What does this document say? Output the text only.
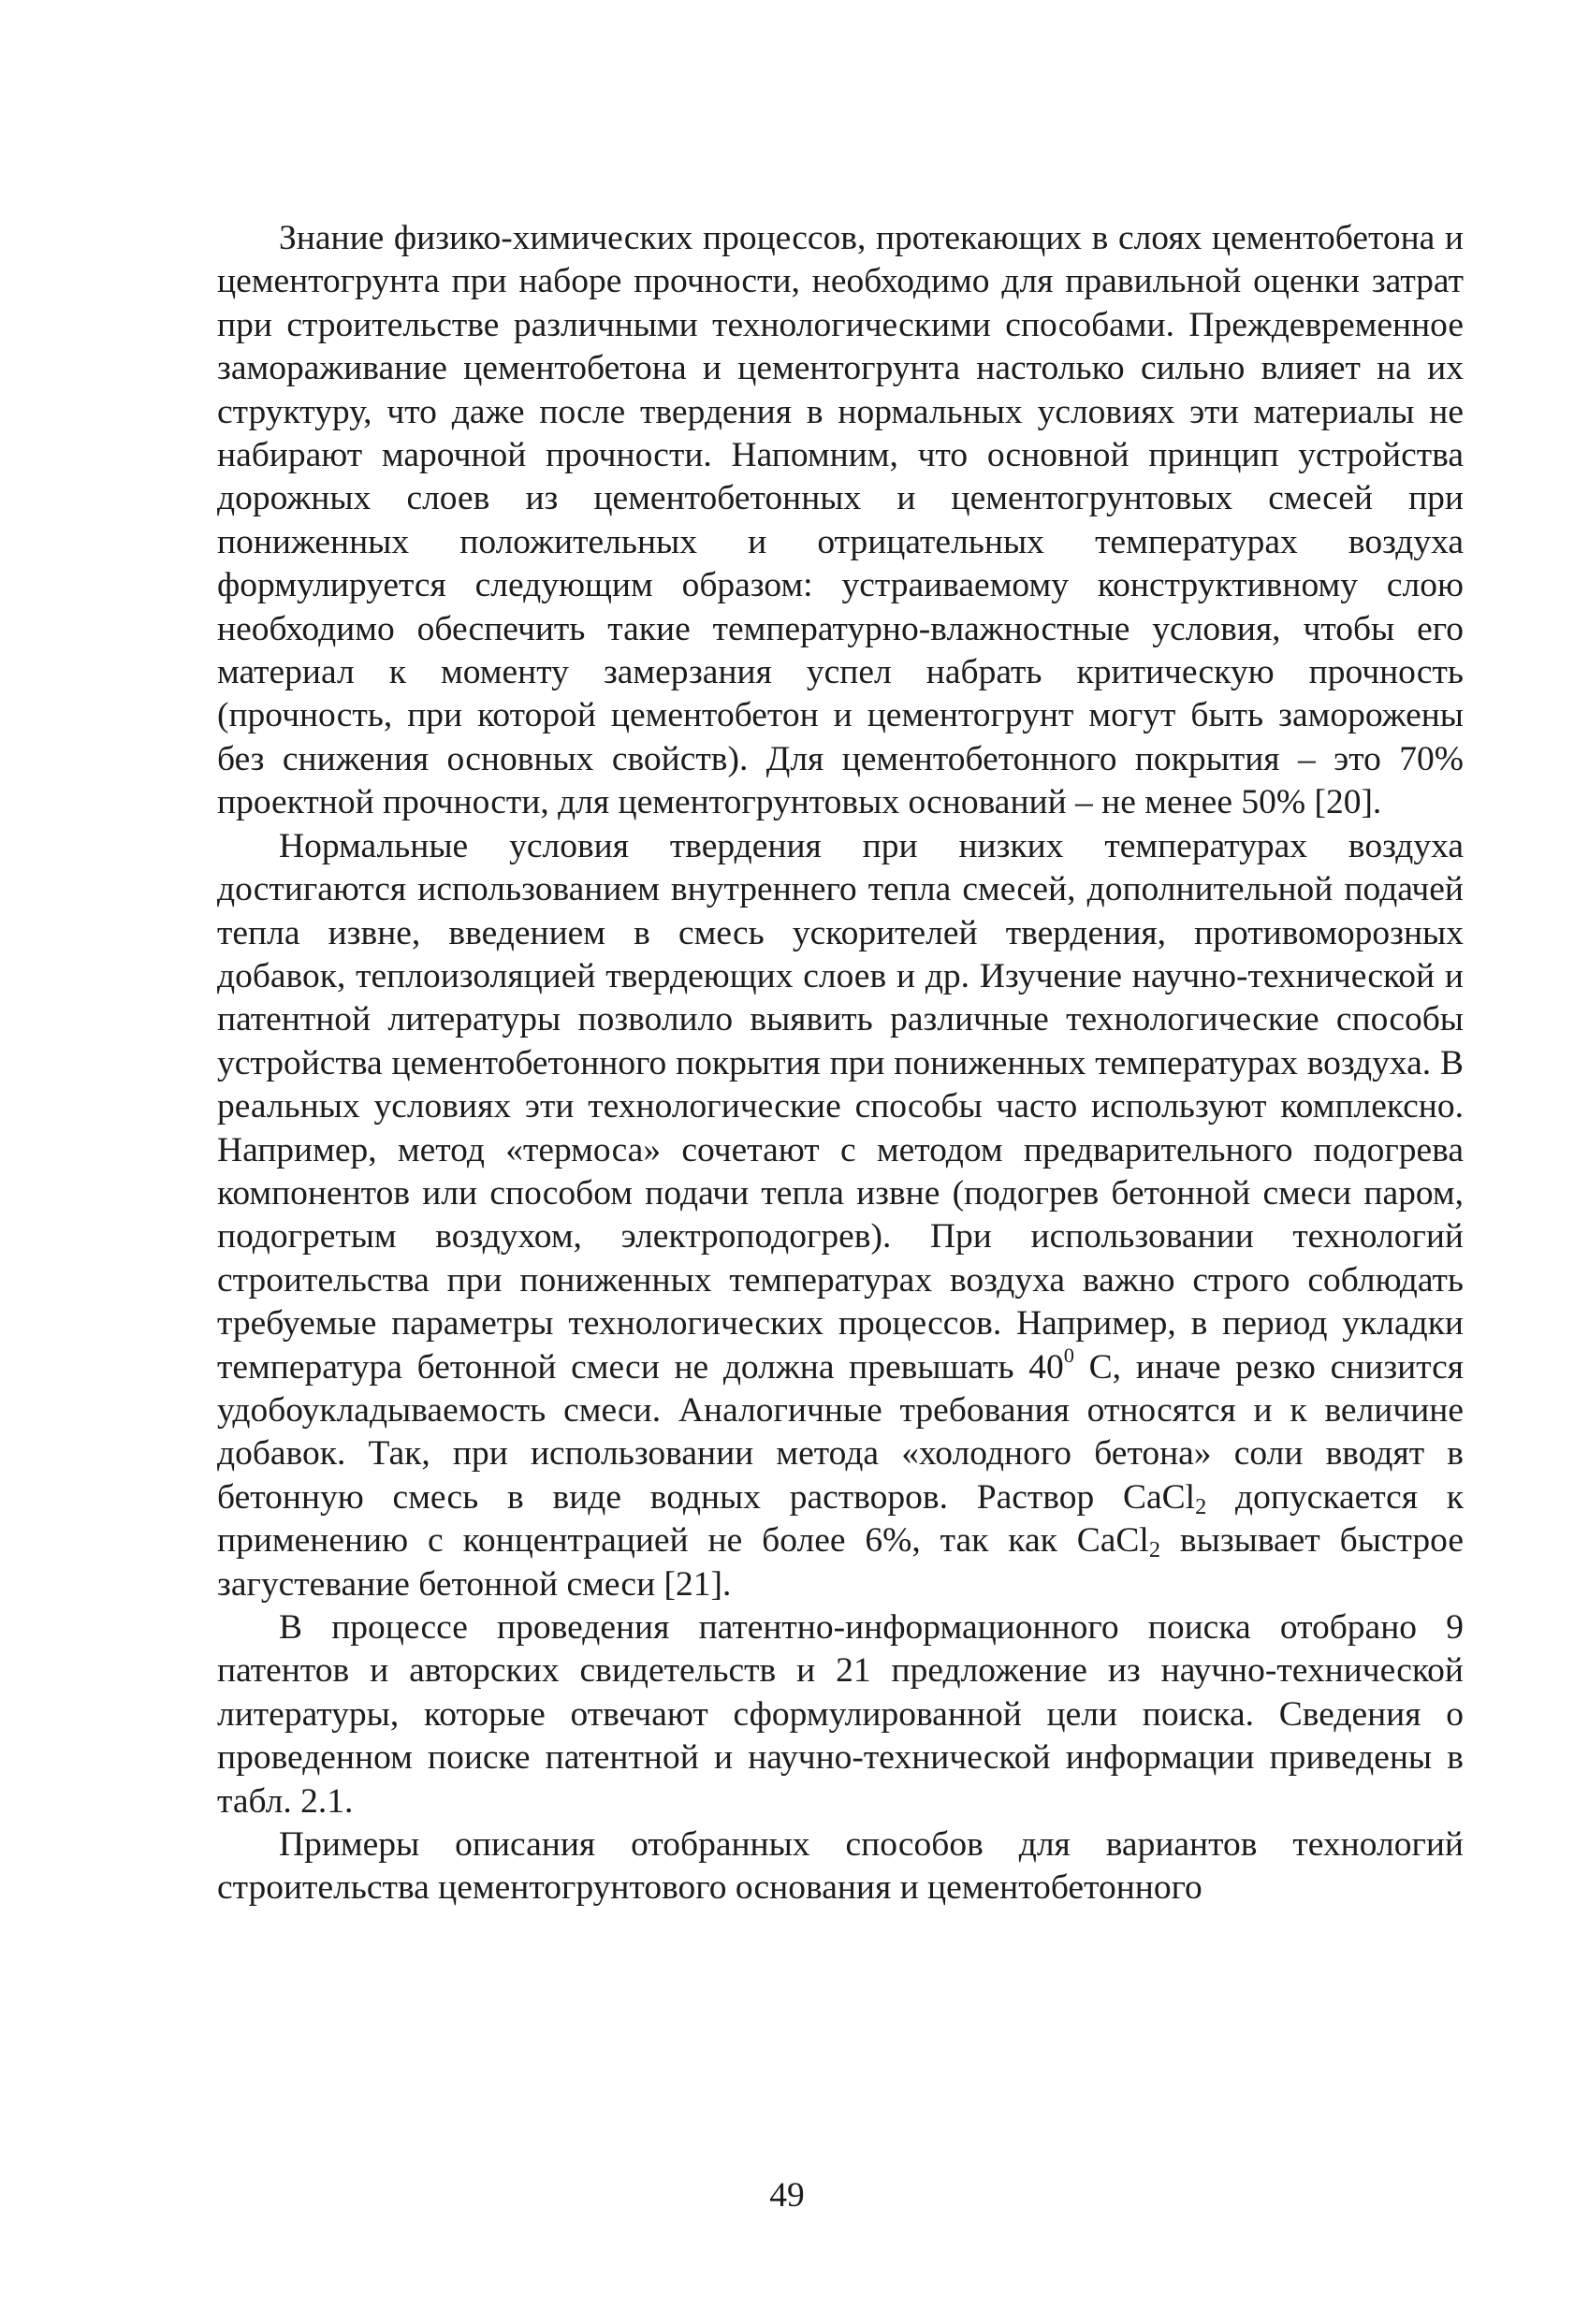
Знание физико-химических процессов, протекающих в слоях цементобетона и цементогрунта при наборе прочности, необходимо для правильной оценки затрат при строительстве различными технологическими способами. Преждевременное замораживание цементобетона и цементогрунта настолько сильно влияет на их структуру, что даже после твердения в нормальных условиях эти материалы не набирают марочной прочности. Напомним, что основной принцип устройства дорожных слоев из цементобетонных и цементогрунтовых смесей при пониженных положительных и отрицательных температурах воздуха формулируется следующим образом: устраиваемому конструктивному слою необходимо обеспечить такие температурно-влажностные условия, чтобы его материал к моменту замерзания успел набрать критическую прочность (прочность, при которой цементобетон и цементогрунт могут быть заморожены без снижения основных свойств). Для цементобетонного покрытия – это 70% проектной прочности, для цементогрунтовых оснований – не менее 50% [20].

Нормальные условия твердения при низких температурах воздуха достигаются использованием внутреннего тепла смесей, дополнительной подачей тепла извне, введением в смесь ускорителей твердения, противоморозных добавок, теплоизоляцией твердеющих слоев и др. Изучение научно-технической и патентной литературы позволило выявить различные технологические способы устройства цементобетонного покрытия при пониженных температурах воздуха. В реальных условиях эти технологические способы часто используют комплексно. Например, метод «термоса» сочетают с методом предварительного подогрева компонентов или способом подачи тепла извне (подогрев бетонной смеси паром, подогретым воздухом, электроподогрев). При использовании технологий строительства при пониженных температурах воздуха важно строго соблюдать требуемые параметры технологических процессов. Например, в период укладки температура бетонной смеси не должна превышать $40^0$ С, иначе резко снизится удобоукладываемость смеси. Аналогичные требования относятся и к величине добавок. Так, при использовании метода «холодного бетона» соли вводят в бетонную смесь в виде водных растворов. Раствор CaCl$_2$ допускается к применению с концентрацией не более 6%, так как CaCl$_2$ вызывает быстрое загустевание бетонной смеси [21].

В процессе проведения патентно-информационного поиска отобрано 9 патентов и авторских свидетельств и 21 предложение из научно-технической литературы, которые отвечают сформулированной цели поиска. Сведения о проведенном поиске патентной и научно-технической информации приведены в табл. 2.1.

Примеры описания отобранных способов для вариантов технологий строительства цементогрунтового основания и цементобетонного

49
